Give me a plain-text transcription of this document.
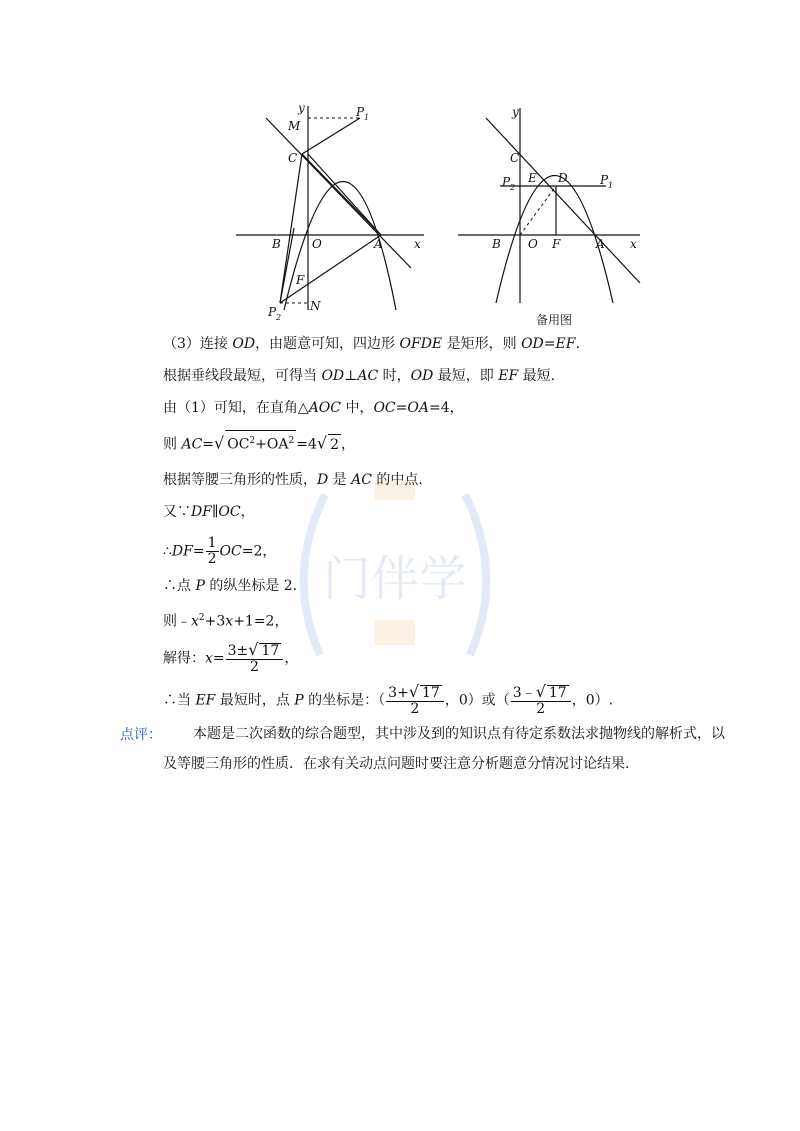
门伴学
y
x
M
P 1
C
B	O	A
F
P 2
N
y
x
C
P 2
E D	P 1
B O F	A
备用图
（3）连接 OD，由题意可知，四边形 OFDE 是矩形，则 OD=EF.
根据垂线段最短，可得当 OD⊥AC 时，OD 最短，即 EF 最短.
由（1）可知，在直角△AOC 中，OC=OA=4，
则 AC=√ $OC^2+OA^2 =4√$ 2 ，
根据等腰三角形的性质，D 是 AC 的中点.
又∵DF∥OC，
∴DF= $\frac{1}{2} OC=2$，
∴点 P 的纵坐标是 2.
则$﹣x^2+3x+1=2$，
解得：$x= \frac{3\pm√ 17}{2}$ ，
∴当 EF 最短时，点 P 的坐标是：（ $\frac{3+√ 17}{2}$ ，0）或（ $\frac{3﹣√ 17}{2}$ ，0）.
点评： 本题是二次函数的综合题型，其中涉及到的知识点有待定系数法求抛物线的解析式，以
及等腰三角形的性质．在求有关动点问题时要注意分析题意分情况讨论结果．
